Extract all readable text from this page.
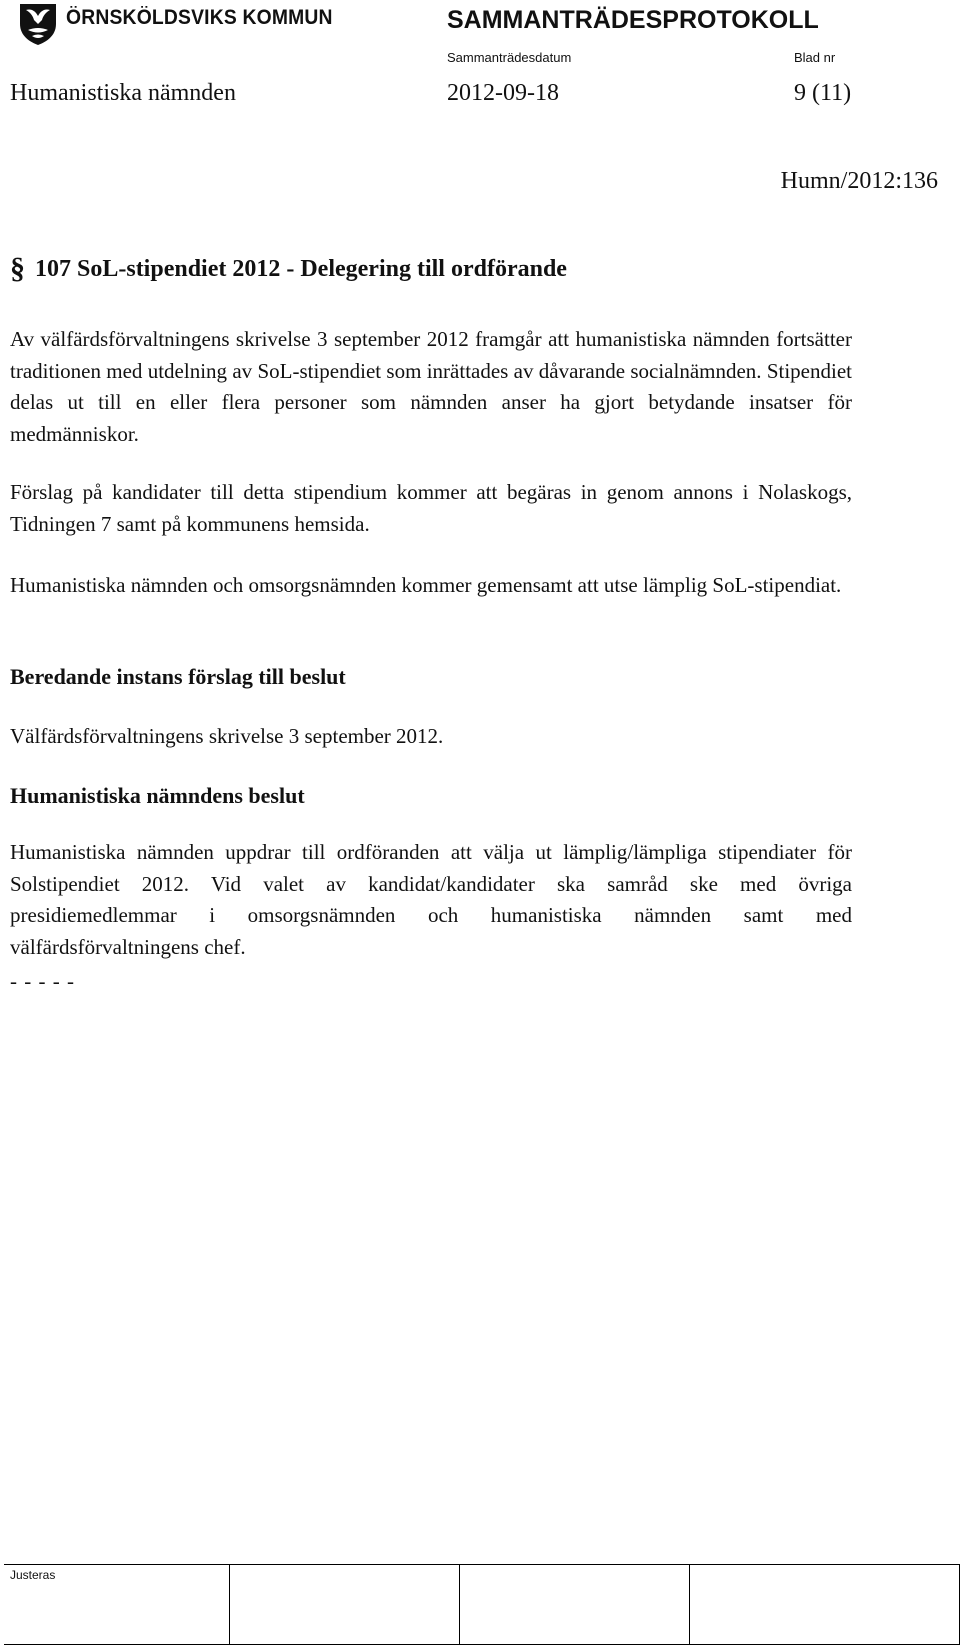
ÖRNSKÖLDSVIKS KOMMUN	SAMMANTRÄDESPROTOKOLL
Sammanträdesdatum	Blad nr
Humanistiska nämnden	2012-09-18	9 (11)
Humn/2012:136
§ 107 SoL-stipendiet 2012 - Delegering till ordförande

Av välfärdsförvaltningens skrivelse 3 september 2012 framgår att humanistiska nämnden fortsätter traditionen med utdelning av SoL-stipendiet som inrättades av dåvarande socialnämnden. Stipendiet delas ut till en eller flera personer som nämnden anser ha gjort betydande insatser för medmänniskor.

Förslag på kandidater till detta stipendium kommer att begäras in genom annons i Nolaskogs, Tidningen 7 samt på kommunens hemsida.

Humanistiska nämnden och omsorgsnämnden kommer gemensamt att utse lämplig SoL-stipendiat.

Beredande instans förslag till beslut

Välfärdsförvaltningens skrivelse 3 september 2012.

Humanistiska nämndens beslut

Humanistiska nämnden uppdrar till ordföranden att välja ut lämplig/lämpliga stipendiater för Solstipendiet 2012. Vid valet av kandidat/kandidater ska samråd ske med övriga presidiemedlemmar i omsorgsnämnden och humanistiska nämnden samt med välfärdsförvaltningens chef.

- - - - -
Justeras
